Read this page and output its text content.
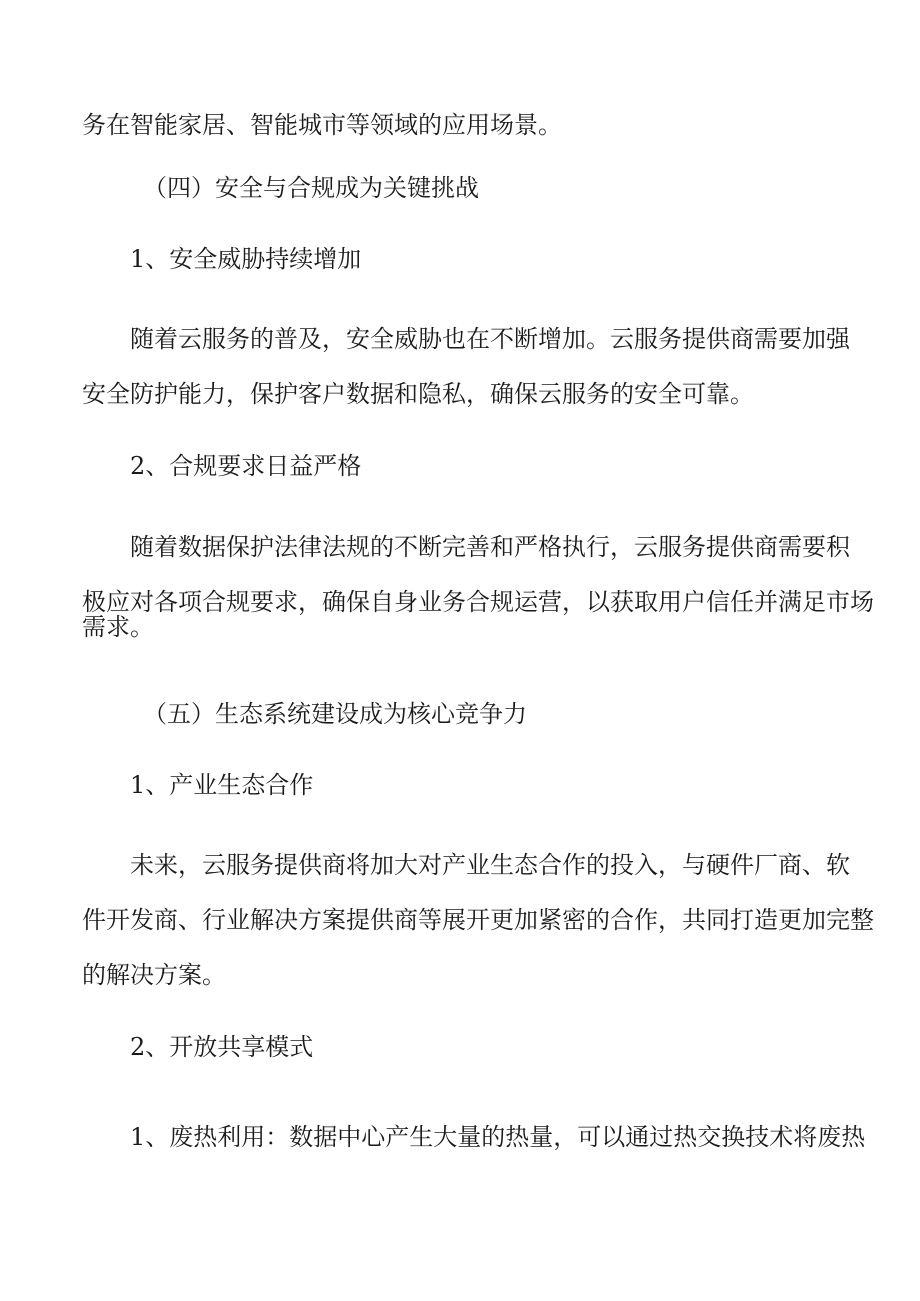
务在智能家居、智能城市等领域的应用场景。
（四）安全与合规成为关键挑战
1、安全威胁持续增加
随着云服务的普及，安全威胁也在不断增加。云服务提供商需要加强
安全防护能力，保护客户数据和隐私，确保云服务的安全可靠。
2、合规要求日益严格
随着数据保护法律法规的不断完善和严格执行，云服务提供商需要积
极应对各项合规要求，确保自身业务合规运营，以获取用户信任并满足市场
需求。
（五）生态系统建设成为核心竞争力
1、产业生态合作
未来，云服务提供商将加大对产业生态合作的投入，与硬件厂商、软
件开发商、行业解决方案提供商等展开更加紧密的合作，共同打造更加完整
的解决方案。
2、开放共享模式
1、废热利用：数据中心产生大量的热量，可以通过热交换技术将废热
